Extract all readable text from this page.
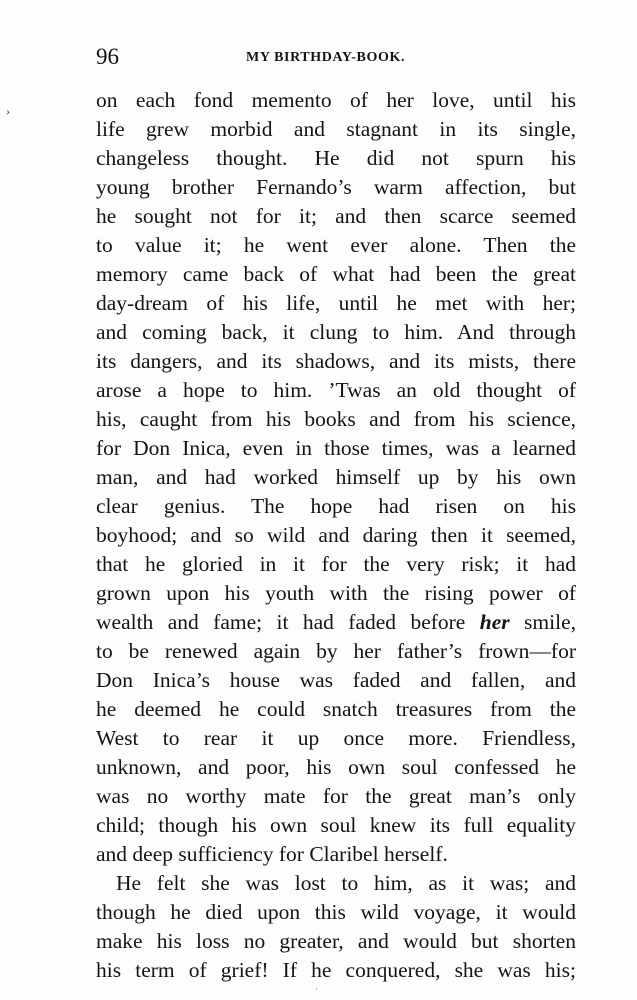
›
96	MY BIRTHDAY-BOOK.
on each fond memento of her love, until his
life grew morbid and stagnant in its single,
changeless thought. He did not spurn his
young brother Fernando’s warm affection, but
he sought not for it; and then scarce seemed
to value it; he went ever alone. Then the
memory came back of what had been the great
day-dream of his life, until he met with her;
and coming back, it clung to him. And through
its dangers, and its shadows, and its mists, there
arose a hope to him. ’Twas an old thought of
his, caught from his books and from his science,
for Don Inica, even in those times, was a learned
man, and had worked himself up by his own
clear genius. The hope had risen on his
boyhood; and so wild and daring then it seemed,
that he gloried in it for the very risk; it had
grown upon his youth with the rising power of
wealth and fame; it had faded before her smile,
to be renewed again by her father’s frown—for
Don Inica’s house was faded and fallen, and
he deemed he could snatch treasures from the
West to rear it up once more. Friendless,
unknown, and poor, his own soul confessed he
was no worthy mate for the great man’s only
child; though his own soul knew its full equality
and deep sufficiency for Claribel herself.
He felt she was lost to him, as it was; and
though he died upon this wild voyage, it would
make his loss no greater, and would but shorten
his term of grief! If he conquered, she was his;
·
